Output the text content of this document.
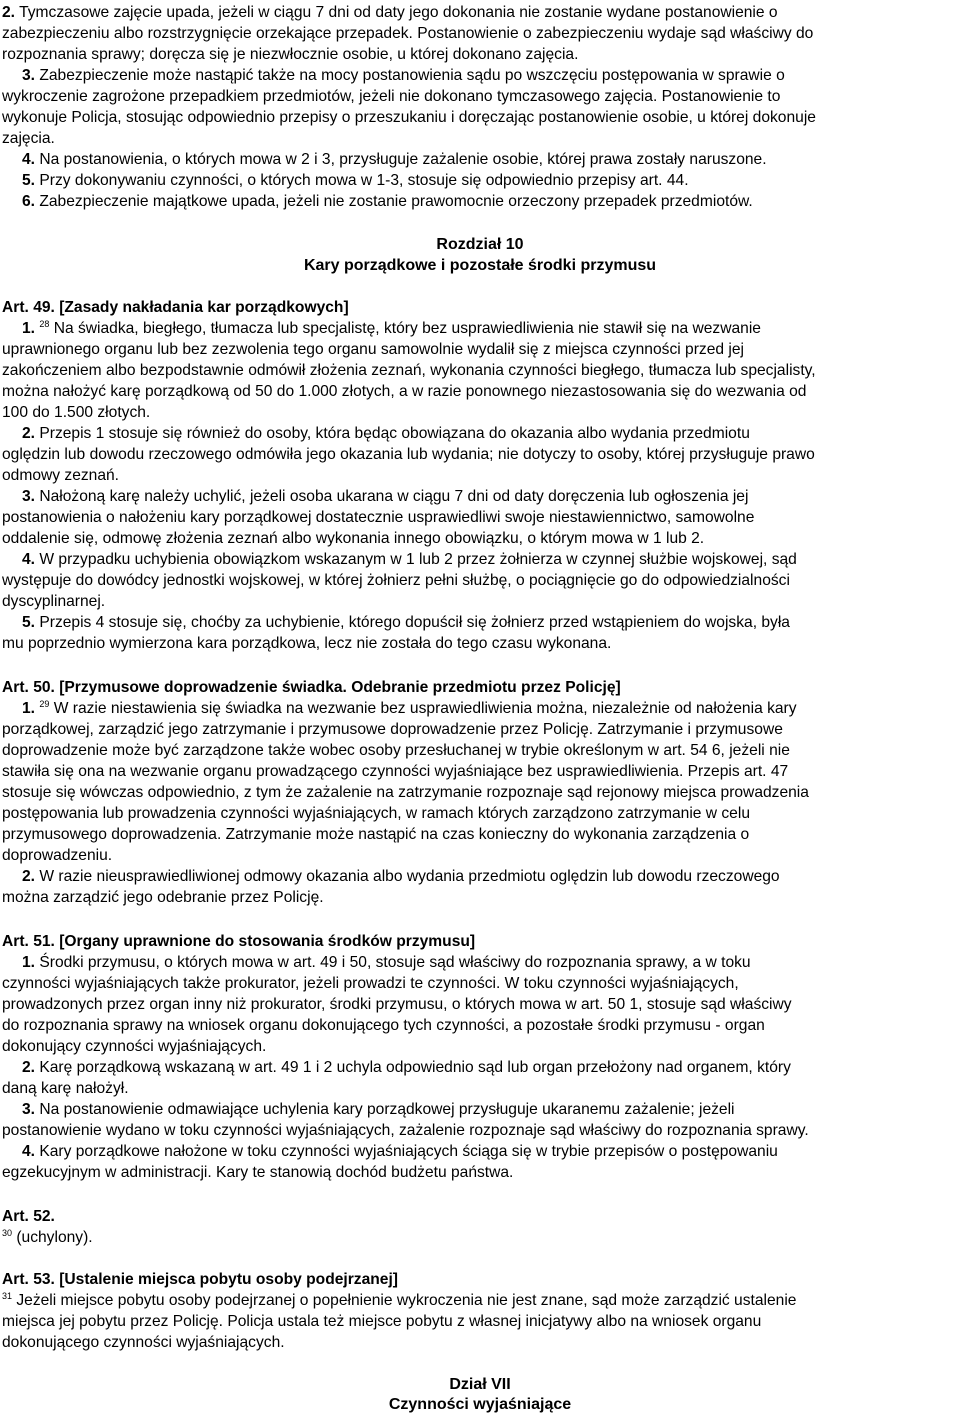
2. Tymczasowe zajęcie upada, jeżeli w ciągu 7 dni od daty jego dokonania nie zostanie wydane postanowienie o
zabezpieczeniu albo rozstrzygnięcie orzekające przepadek. Postanowienie o zabezpieczeniu wydaje sąd właściwy do
rozpoznania sprawy; doręcza się je niezwłocznie osobie, u której dokonano zajęcia.
3. Zabezpieczenie może nastąpić także na mocy postanowienia sądu po wszczęciu postępowania w sprawie o
wykroczenie zagrożone przepadkiem przedmiotów, jeżeli nie dokonano tymczasowego zajęcia. Postanowienie to
wykonuje Policja, stosując odpowiednio przepisy o przeszukaniu i doręczając postanowienie osobie, u której dokonuje
zajęcia.
4. Na postanowienia, o których mowa w 2 i 3, przysługuje zażalenie osobie, której prawa zostały naruszone.
5. Przy dokonywaniu czynności, o których mowa w 1-3, stosuje się odpowiednio przepisy art. 44.
6. Zabezpieczenie majątkowe upada, jeżeli nie zostanie prawomocnie orzeczony przepadek przedmiotów.
Rozdział 10
Kary porządkowe i pozostałe środki przymusu
Art. 49. [Zasady nakładania kar porządkowych]
1. $^{28}$ Na świadka, biegłego, tłumacza lub specjalistę, który bez usprawiedliwienia nie stawił się na wezwanie
uprawnionego organu lub bez zezwolenia tego organu samowolnie wydalił się z miejsca czynności przed jej
zakończeniem albo bezpodstawnie odmówił złożenia zeznań, wykonania czynności biegłego, tłumacza lub specjalisty,
można nałożyć karę porządkową od 50 do 1.000 złotych, a w razie ponownego niezastosowania się do wezwania od
100 do 1.500 złotych.
2. Przepis 1 stosuje się również do osoby, która będąc obowiązana do okazania albo wydania przedmiotu
oględzin lub dowodu rzeczowego odmówiła jego okazania lub wydania; nie dotyczy to osoby, której przysługuje prawo
odmowy zeznań.
3. Nałożoną karę należy uchylić, jeżeli osoba ukarana w ciągu 7 dni od daty doręczenia lub ogłoszenia jej
postanowienia o nałożeniu kary porządkowej dostatecznie usprawiedliwi swoje niestawiennictwo, samowolne
oddalenie się, odmowę złożenia zeznań albo wykonania innego obowiązku, o którym mowa w 1 lub 2.
4. W przypadku uchybienia obowiązkom wskazanym w 1 lub 2 przez żołnierza w czynnej służbie wojskowej, sąd
występuje do dowódcy jednostki wojskowej, w której żołnierz pełni służbę, o pociągnięcie go do odpowiedzialności
dyscyplinarnej.
5. Przepis 4 stosuje się, choćby za uchybienie, którego dopuścił się żołnierz przed wstąpieniem do wojska, była
mu poprzednio wymierzona kara porządkowa, lecz nie została do tego czasu wykonana.
Art. 50. [Przymusowe doprowadzenie świadka. Odebranie przedmiotu przez Policję]
1. $^{29}$ W razie niestawienia się świadka na wezwanie bez usprawiedliwienia można, niezależnie od nałożenia kary
porządkowej, zarządzić jego zatrzymanie i przymusowe doprowadzenie przez Policję. Zatrzymanie i przymusowe
doprowadzenie może być zarządzone także wobec osoby przesłuchanej w trybie określonym w art. 54 6, jeżeli nie
stawiła się ona na wezwanie organu prowadzącego czynności wyjaśniające bez usprawiedliwienia. Przepis art. 47
stosuje się wówczas odpowiednio, z tym że zażalenie na zatrzymanie rozpoznaje sąd rejonowy miejsca prowadzenia
postępowania lub prowadzenia czynności wyjaśniających, w ramach których zarządzono zatrzymanie w celu
przymusowego doprowadzenia. Zatrzymanie może nastąpić na czas konieczny do wykonania zarządzenia o
doprowadzeniu.
2. W razie nieusprawiedliwionej odmowy okazania albo wydania przedmiotu oględzin lub dowodu rzeczowego
można zarządzić jego odebranie przez Policję.
Art. 51. [Organy uprawnione do stosowania środków przymusu]
1. Środki przymusu, o których mowa w art. 49 i 50, stosuje sąd właściwy do rozpoznania sprawy, a w toku
czynności wyjaśniających także prokurator, jeżeli prowadzi te czynności. W toku czynności wyjaśniających,
prowadzonych przez organ inny niż prokurator, środki przymusu, o których mowa w art. 50 1, stosuje sąd właściwy
do rozpoznania sprawy na wniosek organu dokonującego tych czynności, a pozostałe środki przymusu - organ
dokonujący czynności wyjaśniających.
2. Karę porządkową wskazaną w art. 49 1 i 2 uchyla odpowiednio sąd lub organ przełożony nad organem, który
daną karę nałożył.
3. Na postanowienie odmawiające uchylenia kary porządkowej przysługuje ukaranemu zażalenie; jeżeli
postanowienie wydano w toku czynności wyjaśniających, zażalenie rozpoznaje sąd właściwy do rozpoznania sprawy.
4. Kary porządkowe nałożone w toku czynności wyjaśniających ściąga się w trybie przepisów o postępowaniu
egzekucyjnym w administracji. Kary te stanowią dochód budżetu państwa.
Art. 52.
$^{30}$ (uchylony).
Art. 53. [Ustalenie miejsca pobytu osoby podejrzanej]
$^{31}$ Jeżeli miejsce pobytu osoby podejrzanej o popełnienie wykroczenia nie jest znane, sąd może zarządzić ustalenie
miejsca jej pobytu przez Policję. Policja ustala też miejsce pobytu z własnej inicjatywy albo na wniosek organu
dokonującego czynności wyjaśniających.
Dział VII
Czynności wyjaśniające
